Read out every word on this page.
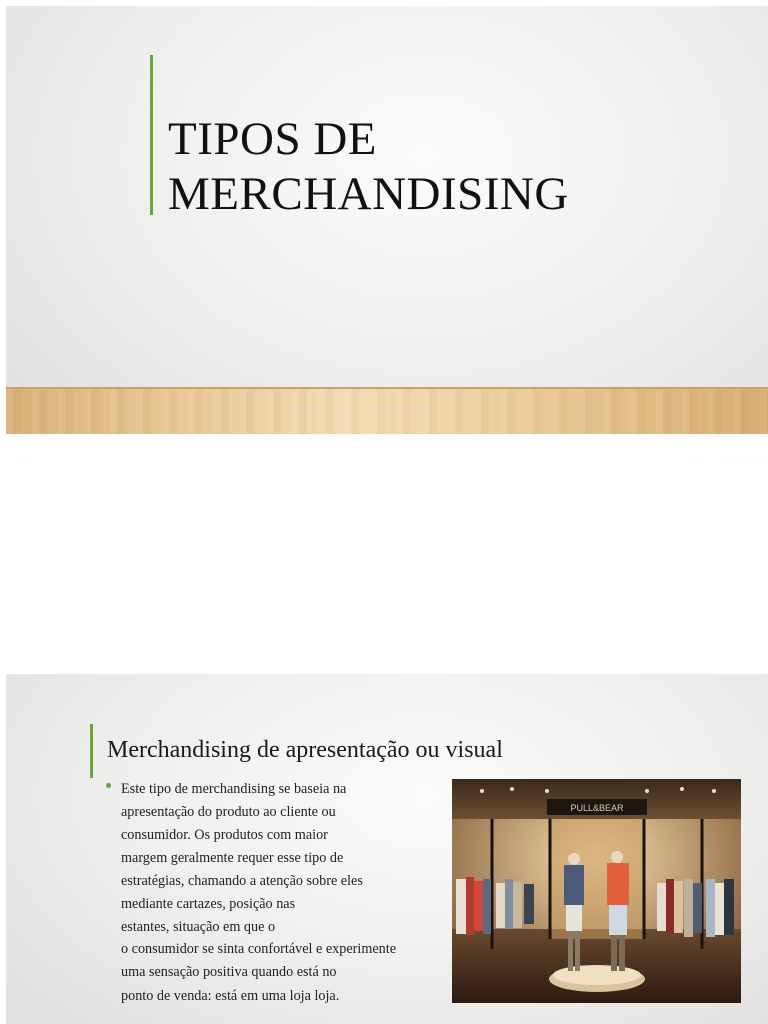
TIPOS DE
MERCHANDISING
Merchandising de apresentação ou visual
Este tipo de merchandising se baseia na
apresentação do produto ao cliente ou
consumidor. Os produtos com maior
margem geralmente requer esse tipo de
estratégias, chamando a atenção sobre eles
mediante cartazes, posição nas
estantes, situação em que o
o consumidor se sinta confortável e experimente
uma sensação positiva quando está no
ponto de venda: está em uma loja loja.
PULL&BEAR
